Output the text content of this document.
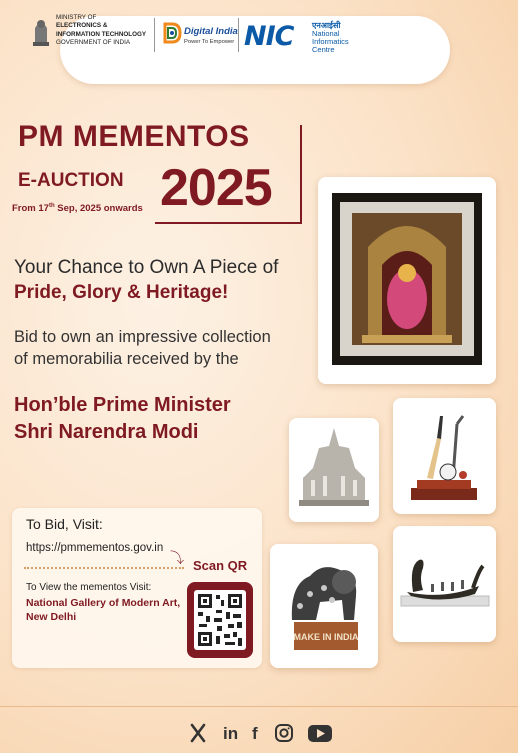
MINISTRY OF
ELECTRONICS &
INFORMATION TECHNOLOGY
GOVERNMENT OF INDIA
Digital India
Power To Empower NIC एनआईसी
National
Informatics
Centre
PM MEMENTOS
E-AUCTION
From 17th Sep, 2025 onwards 2025
Your Chance to Own A Piece of
Pride, Glory & Heritage!
Bid to own an impressive collection
of memorabilia received by the
Hon’ble Prime Minister
Shri Narendra Modi
To Bid, Visit:
https://pmmementos.gov.in
To View the mementos Visit:
National Gallery of Modern Art,
New Delhi
⤵ Scan QR
MAKE IN INDIA
in f
